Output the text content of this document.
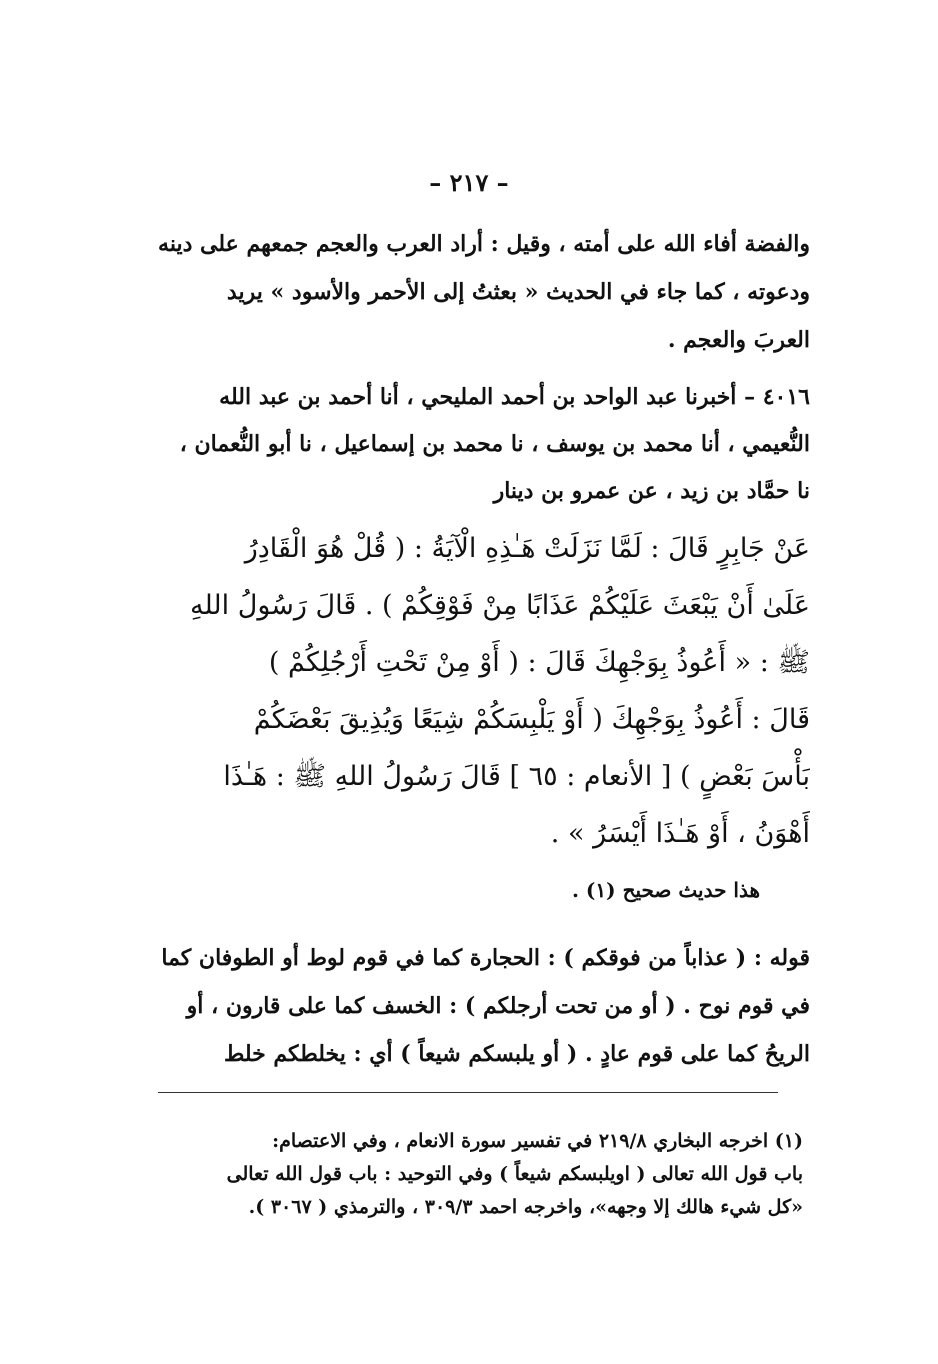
– ٢١٧ –
والفضة أفاء الله على أمته ، وقيل : أراد العرب والعجم جمعهم على دينه
ودعوته ، كما جاء في الحديث « بعثتُ إلى الأحمر والأسود » يريد
العربَ والعجم .
٤٠١٦ – أخبرنا عبد الواحد بن أحمد المليحي ، أنا أحمد بن عبد الله
النُّعيمي ، أنا محمد بن يوسف ، نا محمد بن إسماعيل ، نا أبو النُّعمان ،
نا حمَّاد بن زيد ، عن عمرو بن دينار
عَنْ جَابِرٍ قَالَ : لَمَّا نَزَلَتْ هَـٰذِهِ الْآيَةُ : ( قُلْ هُوَ الْقَادِرُ
عَلَىٰ أَنْ يَبْعَثَ عَلَيْكُمْ عَذَابًا مِنْ فَوْقِكُمْ ) . قَالَ رَسُولُ اللهِ
ﷺ : « أَعُوذُ بِوَجْهِكَ قَالَ : ( أَوْ مِنْ تَحْتِ أَرْجُلِكُمْ )
قَالَ : أَعُوذُ بِوَجْهِكَ ( أَوْ يَلْبِسَكُمْ شِيَعًا وَيُذِيقَ بَعْضَكُمْ
بَأْسَ بَعْضٍ ) [ الأنعام : ٦٥ ] قَالَ رَسُولُ اللهِ ﷺ : هَـٰذَا
أَهْوَنُ ، أَوْ هَـٰذَا أَيْسَرُ » .
هذا حديث صحيح (١) .
قوله : ( عذاباً من فوقكم ) : الحجارة كما في قوم لوط أو الطوفان كما
في قوم نوح . ( أو من تحت أرجلكم ) : الخسف كما على قارون ، أو
الريحُ كما على قوم عادٍ . ( أو يلبسكم شيعاً ) أي : يخلطكم خلط
(١) اخرجه البخاري ٢١٩/٨ في تفسير سورة الانعام ، وفي الاعتصام:
باب قول الله تعالى ( اويلبسكم شيعاً ) وفي التوحيد : باب قول الله تعالى
«كل شيء هالك إلا وجهه»، واخرجه احمد ٣٠٩/٣ ، والترمذي ( ٣٠٦٧ ).
